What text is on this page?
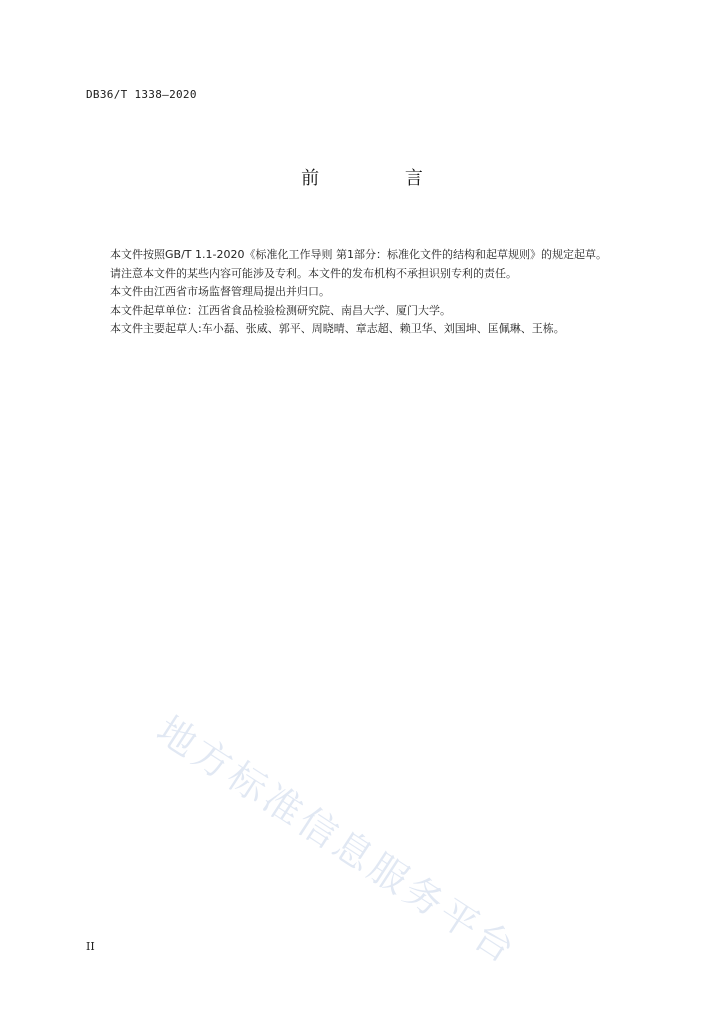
DB36/T 1338—2020
前 言

本文件按照GB/T 1.1-2020《标准化工作导则 第1部分：标准化文件的结构和起草规则》的规定起草。

请注意本文件的某些内容可能涉及专利。本文件的发布机构不承担识别专利的责任。

本文件由江西省市场监督管理局提出并归口。

本文件起草单位：江西省食品检验检测研究院、南昌大学、厦门大学。

本文件主要起草人:车小磊、张威、郭平、周晓晴、章志超、赖卫华、刘国坤、匡佩琳、王栋。

地方标准信息服务平台
II
